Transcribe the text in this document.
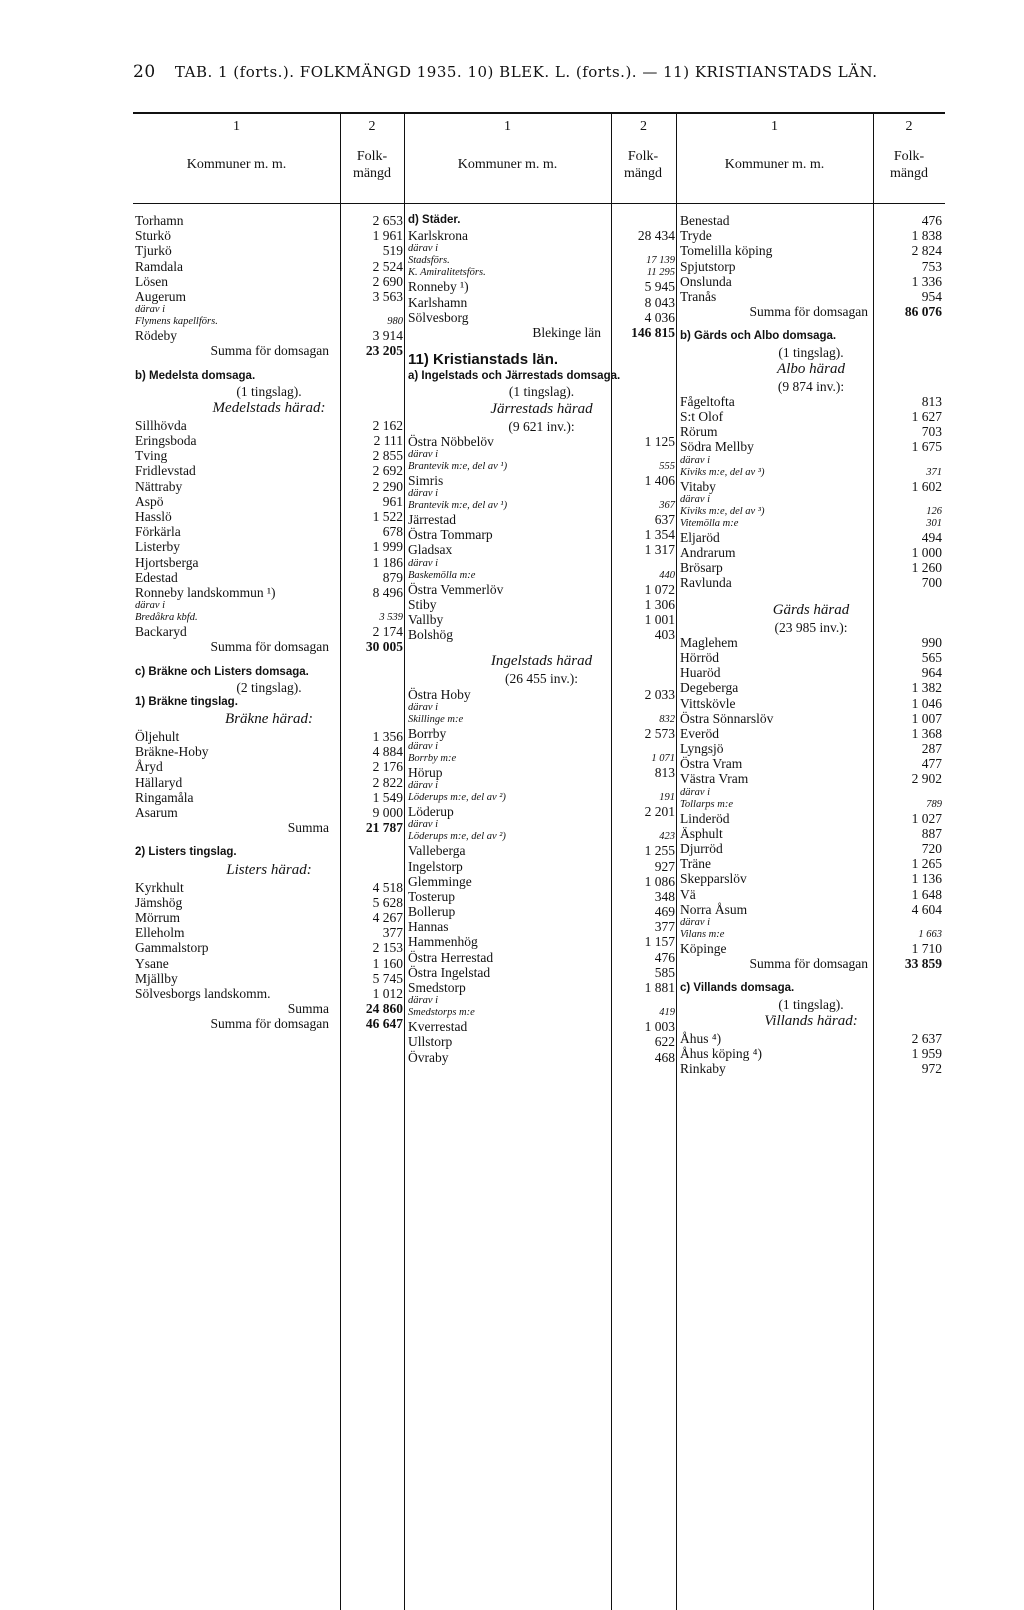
20 TAB. 1 (forts.). FOLKMÄNGD 1935. 10) BLEK. L. (forts.). — 11) KRISTIANSTADS LÄN.
1	2	1	2	1	2
Kommuner m. m.
Folk- mängd
Kommuner m. m.
Folk- mängd
Kommuner m. m.
Folk- mängd
Torhamn	2 653
Sturkö	1 961
Tjurkö	519
Ramdala	2 524
Lösen	2 690
Augerum	3 563
därav i
Flymens kapellförs.	980
Rödeby	3 914
Summa för domsagan	23 205
b) Medelsta domsaga.
(1 tingslag).
Medelstads härad:
Sillhövda	2 162
Eringsboda	2 111
Tving	2 855
Fridlevstad	2 692
Nättraby	2 290
Aspö	961
Hasslö	1 522
Förkärla	678
Listerby	1 999
Hjortsberga	1 186
Edestad	879
Ronneby landskommun ¹)	8 496
därav i
Bredåkra kbfd.	3 539
Backaryd	2 174
Summa för domsagan	30 005
c) Bräkne och Listers domsaga.
(2 tingslag).
1) Bräkne tingslag.
Bräkne härad:
Öljehult	1 356
Bräkne-Hoby	4 884
Åryd	2 176
Hällaryd	2 822
Ringamåla	1 549
Asarum	9 000
Summa	21 787
2) Listers tingslag.
Listers härad:
Kyrkhult	4 518
Jämshög	5 628
Mörrum	4 267
Elleholm	377
Gammalstorp	2 153
Ysane	1 160
Mjällby	5 745
Sölvesborgs landskomm.	1 012
Summa	24 860
Summa för domsagan	46 647
d) Städer.
Karlskrona	28 434
därav i
Stadsförs.	17 139
K. Amiralitetsförs.	11 295
Ronneby ¹)	5 945
Karlshamn	8 043
Sölvesborg	4 036
Blekinge län 146 815
11) Kristianstads län.
a) Ingelstads och Järrestads domsaga.
(1 tingslag).
Järrestads härad
(9 621 inv.):
Östra Nöbbelöv	1 125
därav i
Brantevik m:e, del av ¹)	555
Simris	1 406
därav i
Brantevik m:e, del av ¹)	367
Järrestad	637
Östra Tommarp	1 354
Gladsax	1 317
därav i
Baskemölla m:e	440
Östra Vemmerlöv	1 072
Stiby	1 306
Vallby	1 001
Bolshög	403
Ingelstads härad
(26 455 inv.):
Östra Hoby	2 033
därav i
Skillinge m:e	832
Borrby	2 573
därav i
Borrby m:e	1 071
Hörup	813
därav i
Löderups m:e, del av ²)	191
Löderup	2 201
därav i
Löderups m:e, del av ²)	423
Valleberga	1 255
Ingelstorp	927
Glemminge	1 086
Tosterup	348
Bollerup	469
Hannas	377
Hammenhög	1 157
Östra Herrestad	476
Östra Ingelstad	585
Smedstorp	1 881
därav i
Smedstorps m:e	419
Kverrestad	1 003
Ullstorp	622
Övraby	468
Benestad	476
Tryde	1 838
Tomelilla köping	2 824
Spjutstorp	753
Onslunda	1 336
Tranås	954
Summa för domsagan	86 076
b) Gärds och Albo domsaga.
(1 tingslag).
Albo härad
(9 874 inv.):
Fågeltofta	813
S:t Olof	1 627
Rörum	703
Södra Mellby	1 675
därav i
Kiviks m:e, del av ³)	371
Vitaby	1 602
därav i
Kiviks m:e, del av ³)	126
Vitemölla m:e	301
Eljaröd	494
Andrarum	1 000
Brösarp	1 260
Ravlunda	700
Gärds härad
(23 985 inv.):
Maglehem	990
Hörröd	565
Huaröd	964
Degeberga	1 382
Vittskövle	1 046
Östra Sönnarslöv	1 007
Everöd	1 368
Lyngsjö	287
Östra Vram	477
Västra Vram	2 902
därav i
Tollarps m:e	789
Linderöd	1 027
Äsphult	887
Djurröd	720
Träne	1 265
Skepparslöv	1 136
Vä	1 648
Norra Åsum	4 604
därav i
Vilans m:e	1 663
Köpinge	1 710
Summa för domsagan	33 859
c) Villands domsaga.
(1 tingslag).
Villands härad:
Åhus ⁴)	2 637
Åhus köping ⁴)	1 959
Rinkaby	972
